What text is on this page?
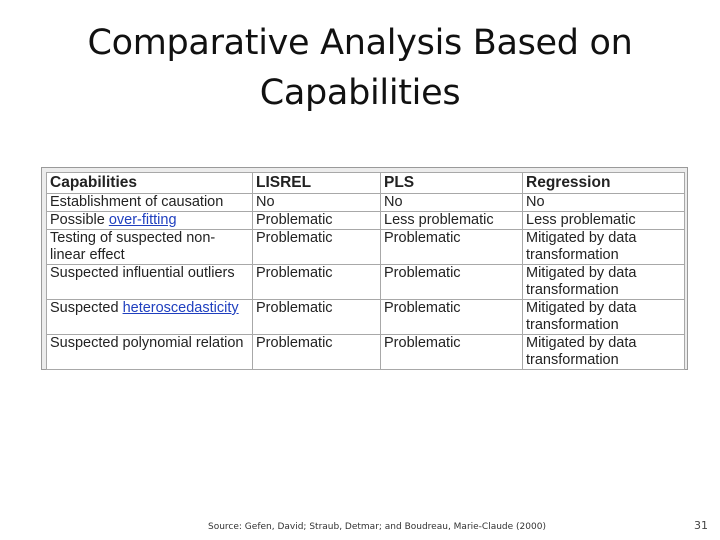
Comparative Analysis Based on
Capabilities
Capabilities	LISREL	PLS	Regression
Establishment of causation	No	No	No
Possible over-fitting	Problematic	Less problematic	Less problematic
Testing of suspected non-linear effect	Problematic	Problematic	Mitigated by data transformation
Suspected influential outliers	Problematic	Problematic	Mitigated by data transformation
Suspected heteroscedasticity	Problematic	Problematic	Mitigated by data transformation
Suspected polynomial relation	Problematic	Problematic	Mitigated by data transformation
Source: Gefen, David; Straub, Detmar; and Boudreau, Marie-Claude (2000)	31
